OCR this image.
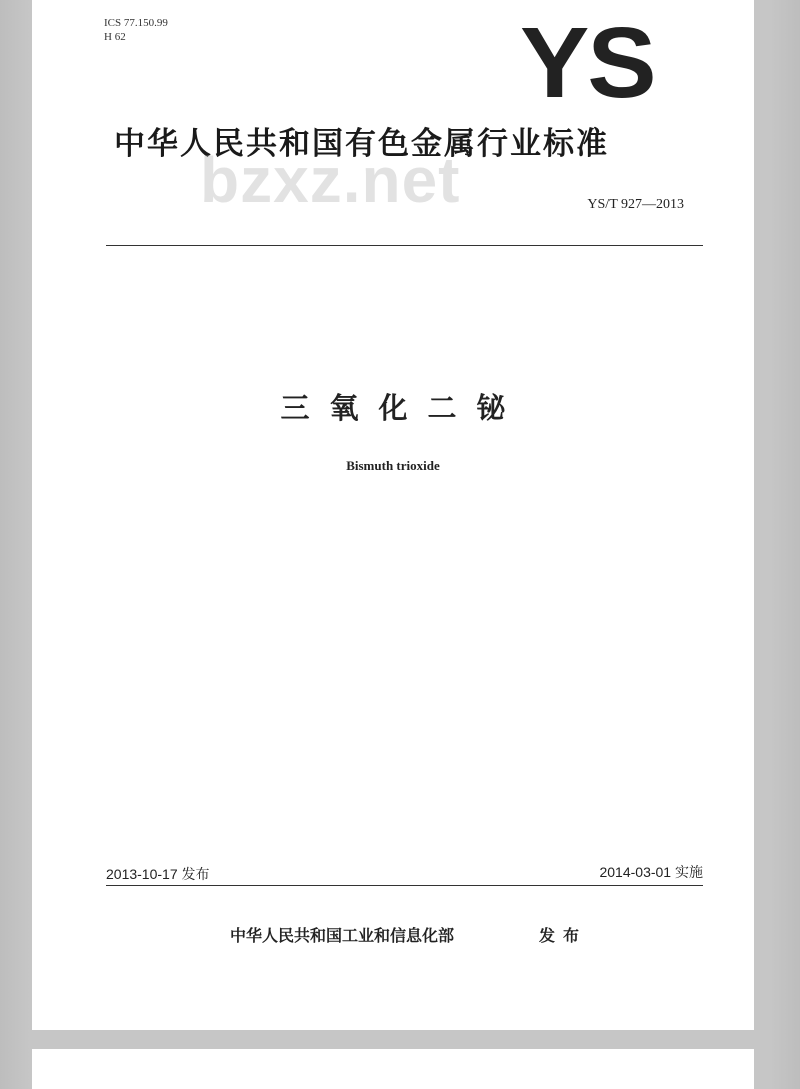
ICS 77.150.99

H 62	YS
中华人民共和国有色金属行业标准
bzxz.net	YS/T 927—2013

三氧化二铋

Bismuth trioxide

2013-10-17 发布	2014-03-01 实施

中华人民共和国工业和信息化部	发布
